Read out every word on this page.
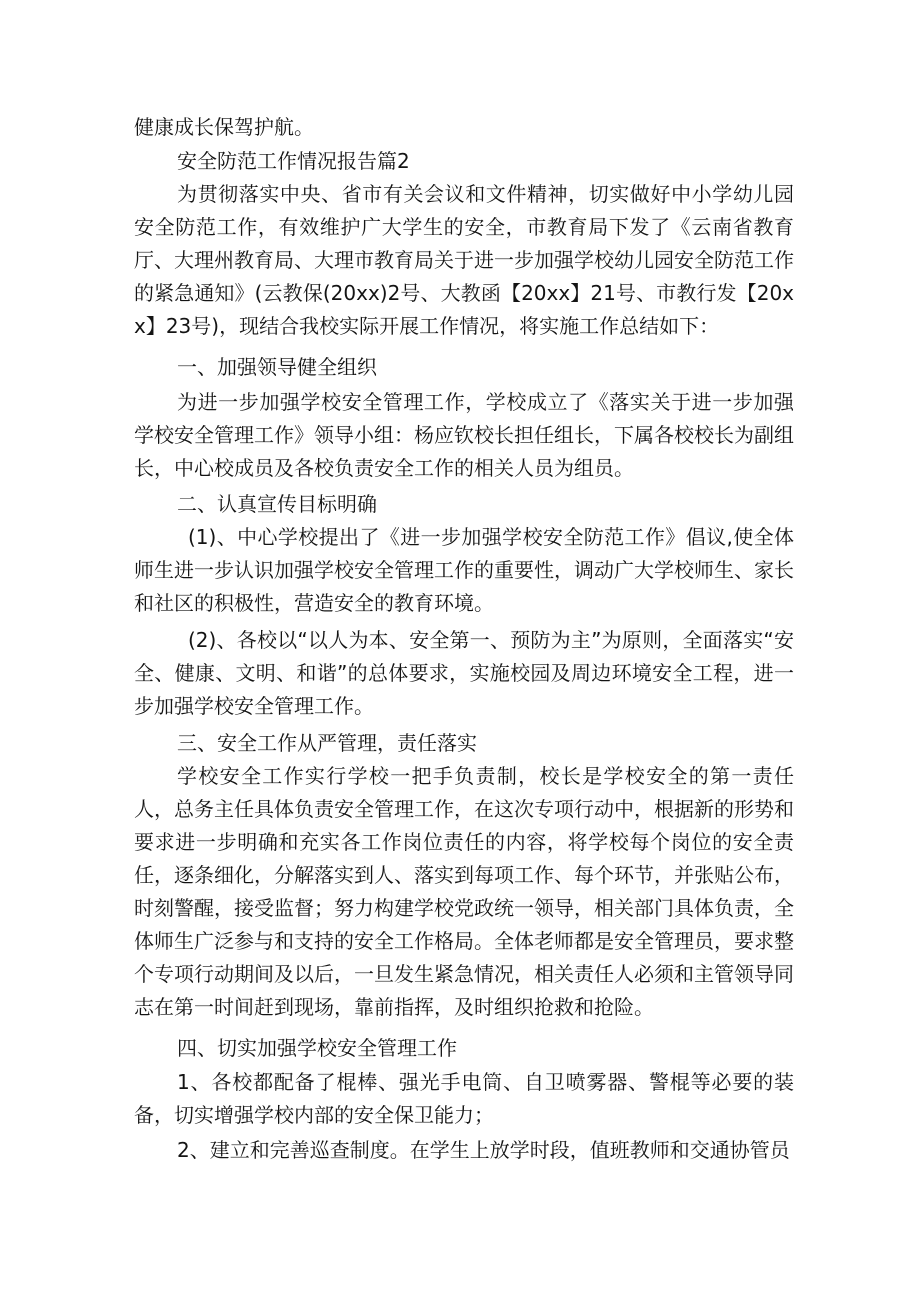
健康成长保驾护航。

安全防范工作情况报告篇2

为贯彻落实中央、省市有关会议和文件精神，切实做好中小学幼儿园安全防范工作，有效维护广大学生的安全，市教育局下发了《云南省教育厅、大理州教育局、大理市教育局关于进一步加强学校幼儿园安全防范工作的紧急通知》(云教保(20xx)2号、大教函【20xx】21号、市教行发【20xx】23号)，现结合我校实际开展工作情况，将实施工作总结如下：

一、加强领导健全组织

为进一步加强学校安全管理工作，学校成立了《落实关于进一步加强学校安全管理工作》领导小组：杨应钦校长担任组长，下属各校校长为副组长，中心校成员及各校负责安全工作的相关人员为组员。

二、认真宣传目标明确

(1)、中心学校提出了《进一步加强学校安全防范工作》倡议,使全体师生进一步认识加强学校安全管理工作的重要性，调动广大学校师生、家长和社区的积极性，营造安全的教育环境。

(2)、各校以“以人为本、安全第一、预防为主”为原则，全面落实“安全、健康、文明、和谐”的总体要求，实施校园及周边环境安全工程，进一步加强学校安全管理工作。

三、安全工作从严管理，责任落实

学校安全工作实行学校一把手负责制，校长是学校安全的第一责任人，总务主任具体负责安全管理工作，在这次专项行动中，根据新的形势和要求进一步明确和充实各工作岗位责任的内容，将学校每个岗位的安全责任，逐条细化，分解落实到人、落实到每项工作、每个环节，并张贴公布，时刻警醒，接受监督；努力构建学校党政统一领导，相关部门具体负责，全体师生广泛参与和支持的安全工作格局。全体老师都是安全管理员，要求整个专项行动期间及以后，一旦发生紧急情况，相关责任人必须和主管领导同志在第一时间赶到现场，靠前指挥，及时组织抢救和抢险。

四、切实加强学校安全管理工作

1、各校都配备了棍棒、强光手电筒、自卫喷雾器、警棍等必要的装备，切实增强学校内部的安全保卫能力；

2、建立和完善巡查制度。在学生上放学时段，值班教师和交通协管员
